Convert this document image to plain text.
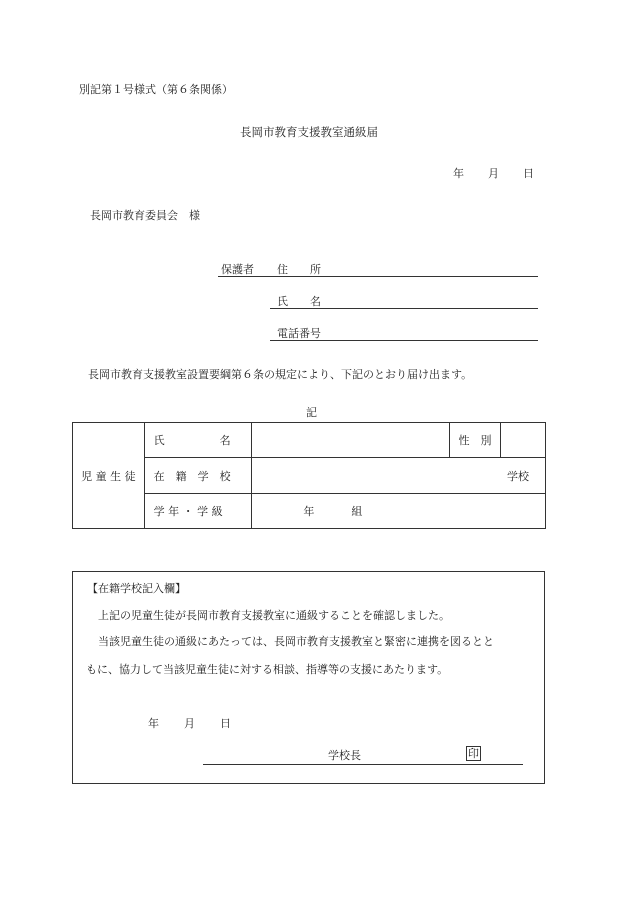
別記第１号様式（第６条関係）
長岡市教育支援教室通級届
年 月 日
長岡市教育委員会　様
保護者 住　　所
氏　　名
電話番号
長岡市教育支援教室設置要綱第６条の規定により、下記のとおり届け出ます。
記
児 童 生 徒	氏　　　　　名		性　別	
	在　籍　学　校	学校		
	学 年 ・ 学 級	年 組		
【在籍学校記入欄】
上記の児童生徒が長岡市教育支援教室に通級することを確認しました。
当該児童生徒の通級にあたっては、長岡市教育支援教室と緊密に連携を図るとと
もに、協力して当該児童生徒に対する相談、指導等の支援にあたります。
年 月 日
学校長	印
